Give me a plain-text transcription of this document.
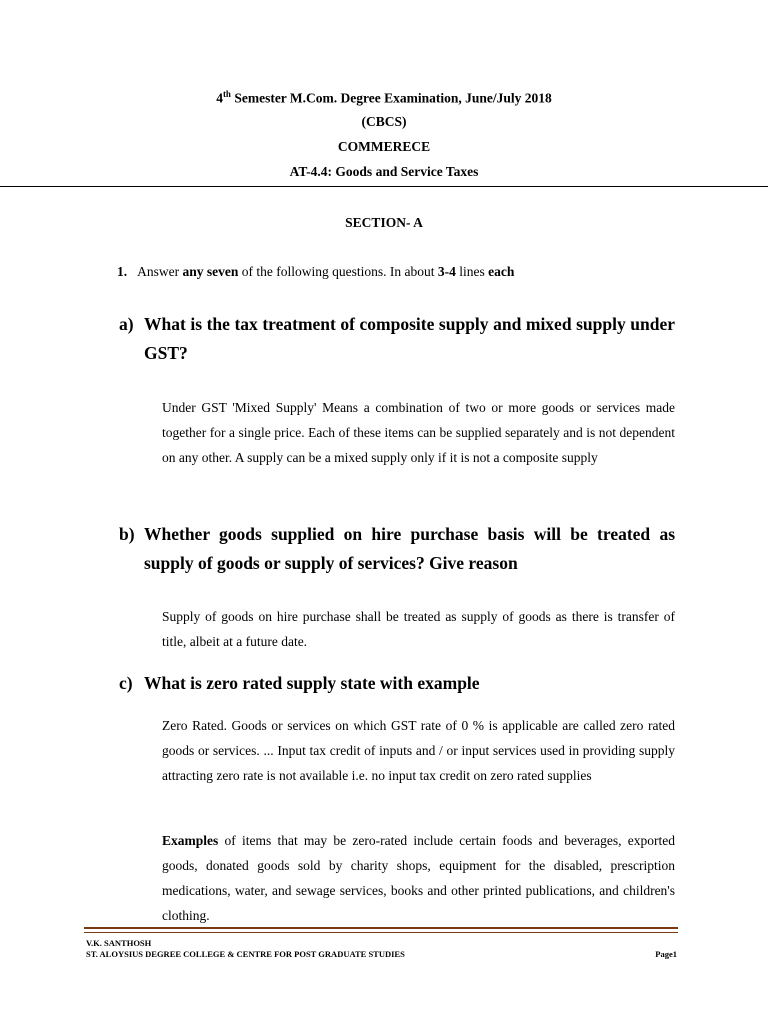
4th Semester M.Com. Degree Examination, June/July 2018
(CBCS)
COMMERECE
AT-4.4: Goods and Service Taxes
SECTION- A
1. Answer any seven of the following questions. In about 3-4 lines each
a) What is the tax treatment of composite supply and mixed supply under GST?
Under GST 'Mixed Supply' Means a combination of two or more goods or services made together for a single price. Each of these items can be supplied separately and is not dependent on any other. A supply can be a mixed supply only if it is not a composite supply
b) Whether goods supplied on hire purchase basis will be treated as supply of goods or supply of services? Give reason
Supply of goods on hire purchase shall be treated as supply of goods as there is transfer of title, albeit at a future date.
c) What is zero rated supply state with example
Zero Rated. Goods or services on which GST rate of 0 % is applicable are called zero rated goods or services. ... Input tax credit of inputs and / or input services used in providing supply attracting zero rate is not available i.e. no input tax credit on zero rated supplies
Examples of items that may be zero-rated include certain foods and beverages, exported goods, donated goods sold by charity shops, equipment for the disabled, prescription medications, water, and sewage services, books and other printed publications, and children's clothing.
V.K. SANTHOSH
ST. ALOYSIUS DEGREE COLLEGE & CENTRE FOR POST GRADUATE STUDIES	Page1
